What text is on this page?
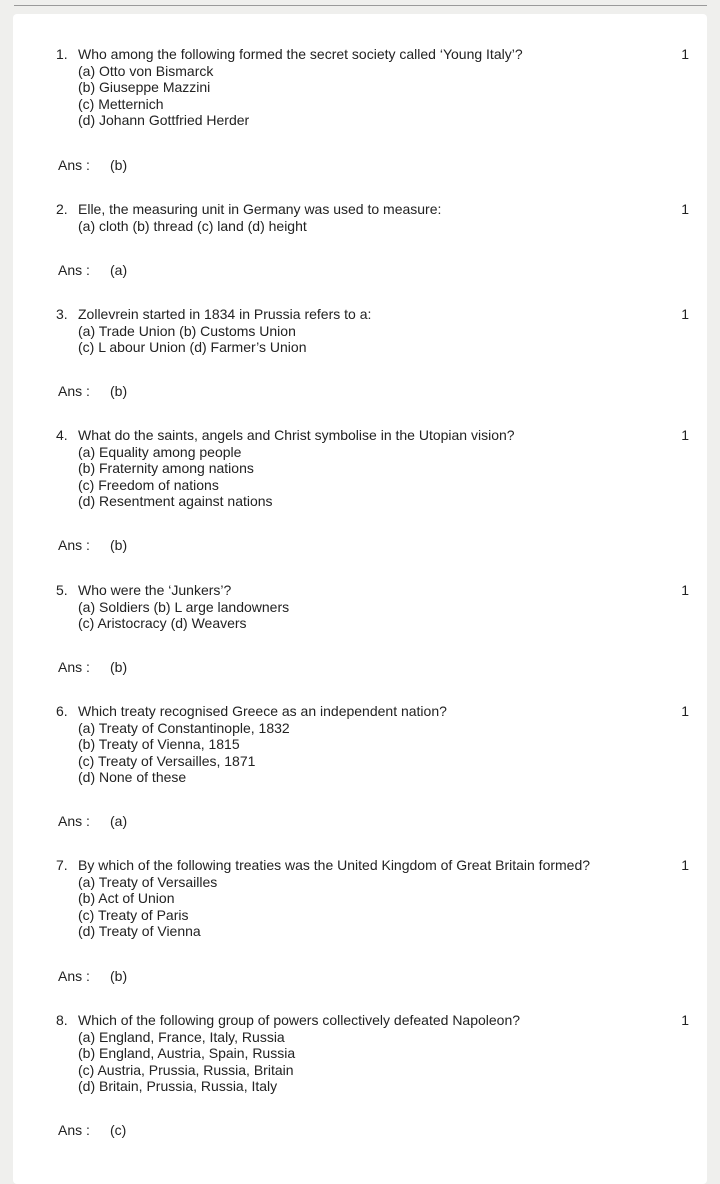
1. Who among the following formed the secret society called ‘Young Italy’?	1
(a) Otto von Bismarck
(b) Giuseppe Mazzini
(c) Metternich
(d) Johann Gottfried Herder
Ans : (b)
2. Elle, the measuring unit in Germany was used to measure:	1
(a) cloth (b) thread (c) land (d) height
Ans : (a)
3. Zollevrein started in 1834 in Prussia refers to a:	1
(a) Trade Union (b) Customs Union
(c) L abour Union (d) Farmer’s Union
Ans : (b)
4. What do the saints, angels and Christ symbolise in the Utopian vision?	1
(a) Equality among people
(b) Fraternity among nations
(c) Freedom of nations
(d) Resentment against nations
Ans : (b)
5. Who were the ‘Junkers’?	1
(a) Soldiers (b) L arge landowners
(c) Aristocracy (d) Weavers
Ans : (b)
6. Which treaty recognised Greece as an independent nation?	1
(a) Treaty of Constantinople, 1832
(b) Treaty of Vienna, 1815
(c) Treaty of Versailles, 1871
(d) None of these
Ans : (a)
7. By which of the following treaties was the United Kingdom of Great Britain formed?	1
(a) Treaty of Versailles
(b) Act of Union
(c) Treaty of Paris
(d) Treaty of Vienna
Ans : (b)
8. Which of the following group of powers collectively defeated Napoleon?	1
(a) England, France, Italy, Russia
(b) England, Austria, Spain, Russia
(c) Austria, Prussia, Russia, Britain
(d) Britain, Prussia, Russia, Italy
Ans : (c)
